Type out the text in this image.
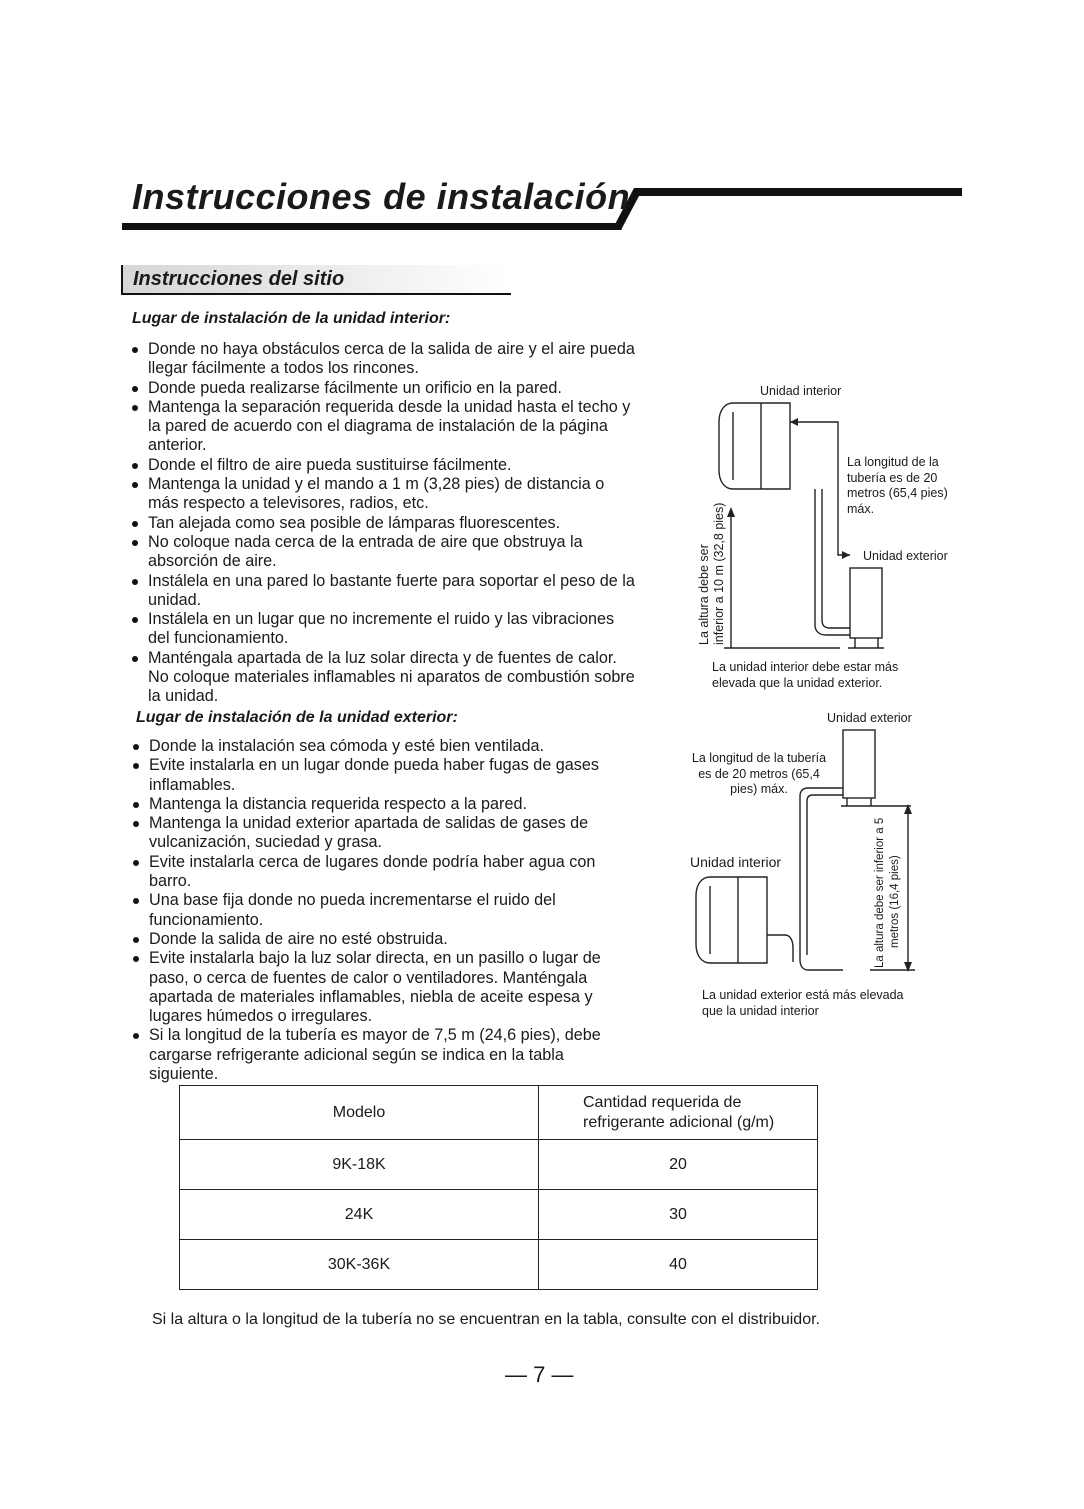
Instrucciones de instalación
Instrucciones del sitio
Lugar de instalación de la unidad interior:
Donde no haya obstáculos cerca de la salida de aire y el aire pueda
llegar fácilmente a todos los rincones.
Donde pueda realizarse fácilmente un orificio en la pared.
Mantenga la separación requerida desde la unidad hasta el techo y
la pared de acuerdo con el diagrama de instalación de la página
anterior.
Donde el filtro de aire pueda sustituirse fácilmente.
Mantenga la unidad y el mando a 1 m (3,28 pies) de distancia o
más respecto a televisores, radios, etc.
Tan alejada como sea posible de lámparas fluorescentes.
No coloque nada cerca de la entrada de aire que obstruya la
absorción de aire.
Instálela en una pared lo bastante fuerte para soportar el peso de la
unidad.
Instálela en un lugar que no incremente el ruido y las vibraciones
del funcionamiento.
Manténgala apartada de la luz solar directa y de fuentes de calor.
No coloque materiales inflamables ni aparatos de combustión sobre
la unidad.
Lugar de instalación de la unidad exterior:
Donde la instalación sea cómoda y esté bien ventilada.
Evite instalarla en un lugar donde pueda haber fugas de gases
inflamables.
Mantenga la distancia requerida respecto a la pared.
Mantenga la unidad exterior apartada de salidas de gases de
vulcanización, suciedad y grasa.
Evite instalarla cerca de lugares donde podría haber agua con
barro.
Una base fija donde no pueda incrementarse el ruido del
funcionamiento.
Donde la salida de aire no esté obstruida.
Evite instalarla bajo la luz solar directa, en un pasillo o lugar de
paso, o cerca de fuentes de calor o ventiladores. Manténgala
apartada de materiales inflamables, niebla de aceite espesa y
lugares húmedos o irregulares.
Si la longitud de la tubería es mayor de 7,5 m (24,6 pies), debe
cargarse refrigerante adicional según se indica en la tabla
siguiente.
Unidad interior
Unidad exterior
La longitud de la
tubería es de 20
metros (65,4 pies)
máx.
La altura debe ser inferior a 10 m (32,8 pies)
La unidad interior debe estar más
elevada que la unidad exterior.
Unidad exterior
La longitud de la tubería
es de 20 metros (65,4
pies) máx.
Unidad interior	La altura debe ser inferior a 5 metros (16,4 pies)
La unidad exterior está más elevada
que la unidad interior
Modelo	Cantidad requerida de
refrigerante adicional (g/m)

9K-18K	20
24K	30
30K-36K	40
Si la altura o la longitud de la tubería no se encuentran en la tabla, consulte con el distribuidor.
— 7 —
